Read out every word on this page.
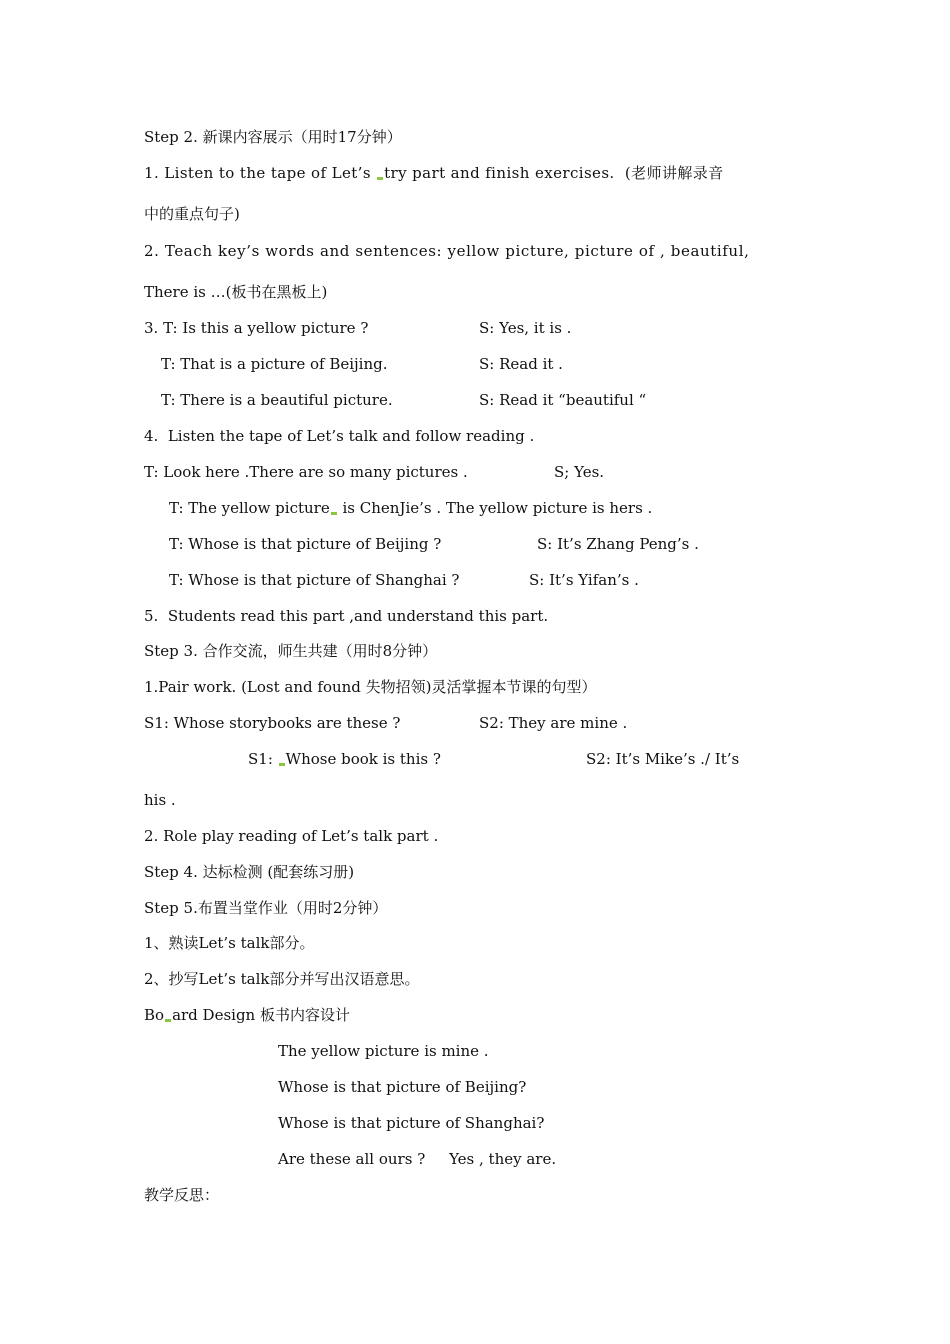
Step 2. 新课内容展示（用时17分钟）
1. Listen to the tape of Let’s try part and finish exercises.  (老师讲解录音
中的重点句子)
2. Teach key’s words and sentences: yellow picture, picture of , beautiful,
There is …(板书在黑板上)
3. T: Is this a yellow picture ?	S: Yes, it is .
T: That is a picture of Beijing.	S: Read it .
T: There is a beautiful picture.	S: Read it “beautiful “
4.  Listen the tape of Let’s talk and follow reading .
T: Look here .There are so many pictures .	S; Yes.
T: The yellow picture is ChenJie’s . The yellow picture is hers .
T: Whose is that picture of Beijing ?	S: It’s Zhang Peng’s .
T: Whose is that picture of Shanghai ?	S: It’s Yifan’s .
5.  Students read this part ,and understand this part.
Step 3. 合作交流，师生共建（用时8分钟）
1.Pair work. (Lost and found 失物招领)灵活掌握本节课的句型）
S1: Whose storybooks are these ?	S2: They are mine .
S1: Whose book is this ?	S2: It’s Mike’s ./ It’s
his .
2. Role play reading of Let’s talk part .
Step 4. 达标检测 (配套练习册)
Step 5.布置当堂作业（用时2分钟）
1、熟读Let’s talk部分。
2、抄写Let’s talk部分并写出汉语意思。
Bo ard Design 板书内容设计
The yellow picture is mine .
Whose is that picture of Beijing?
Whose is that picture of Shanghai?
Are these all ours ?     Yes , they are.
教学反思：
